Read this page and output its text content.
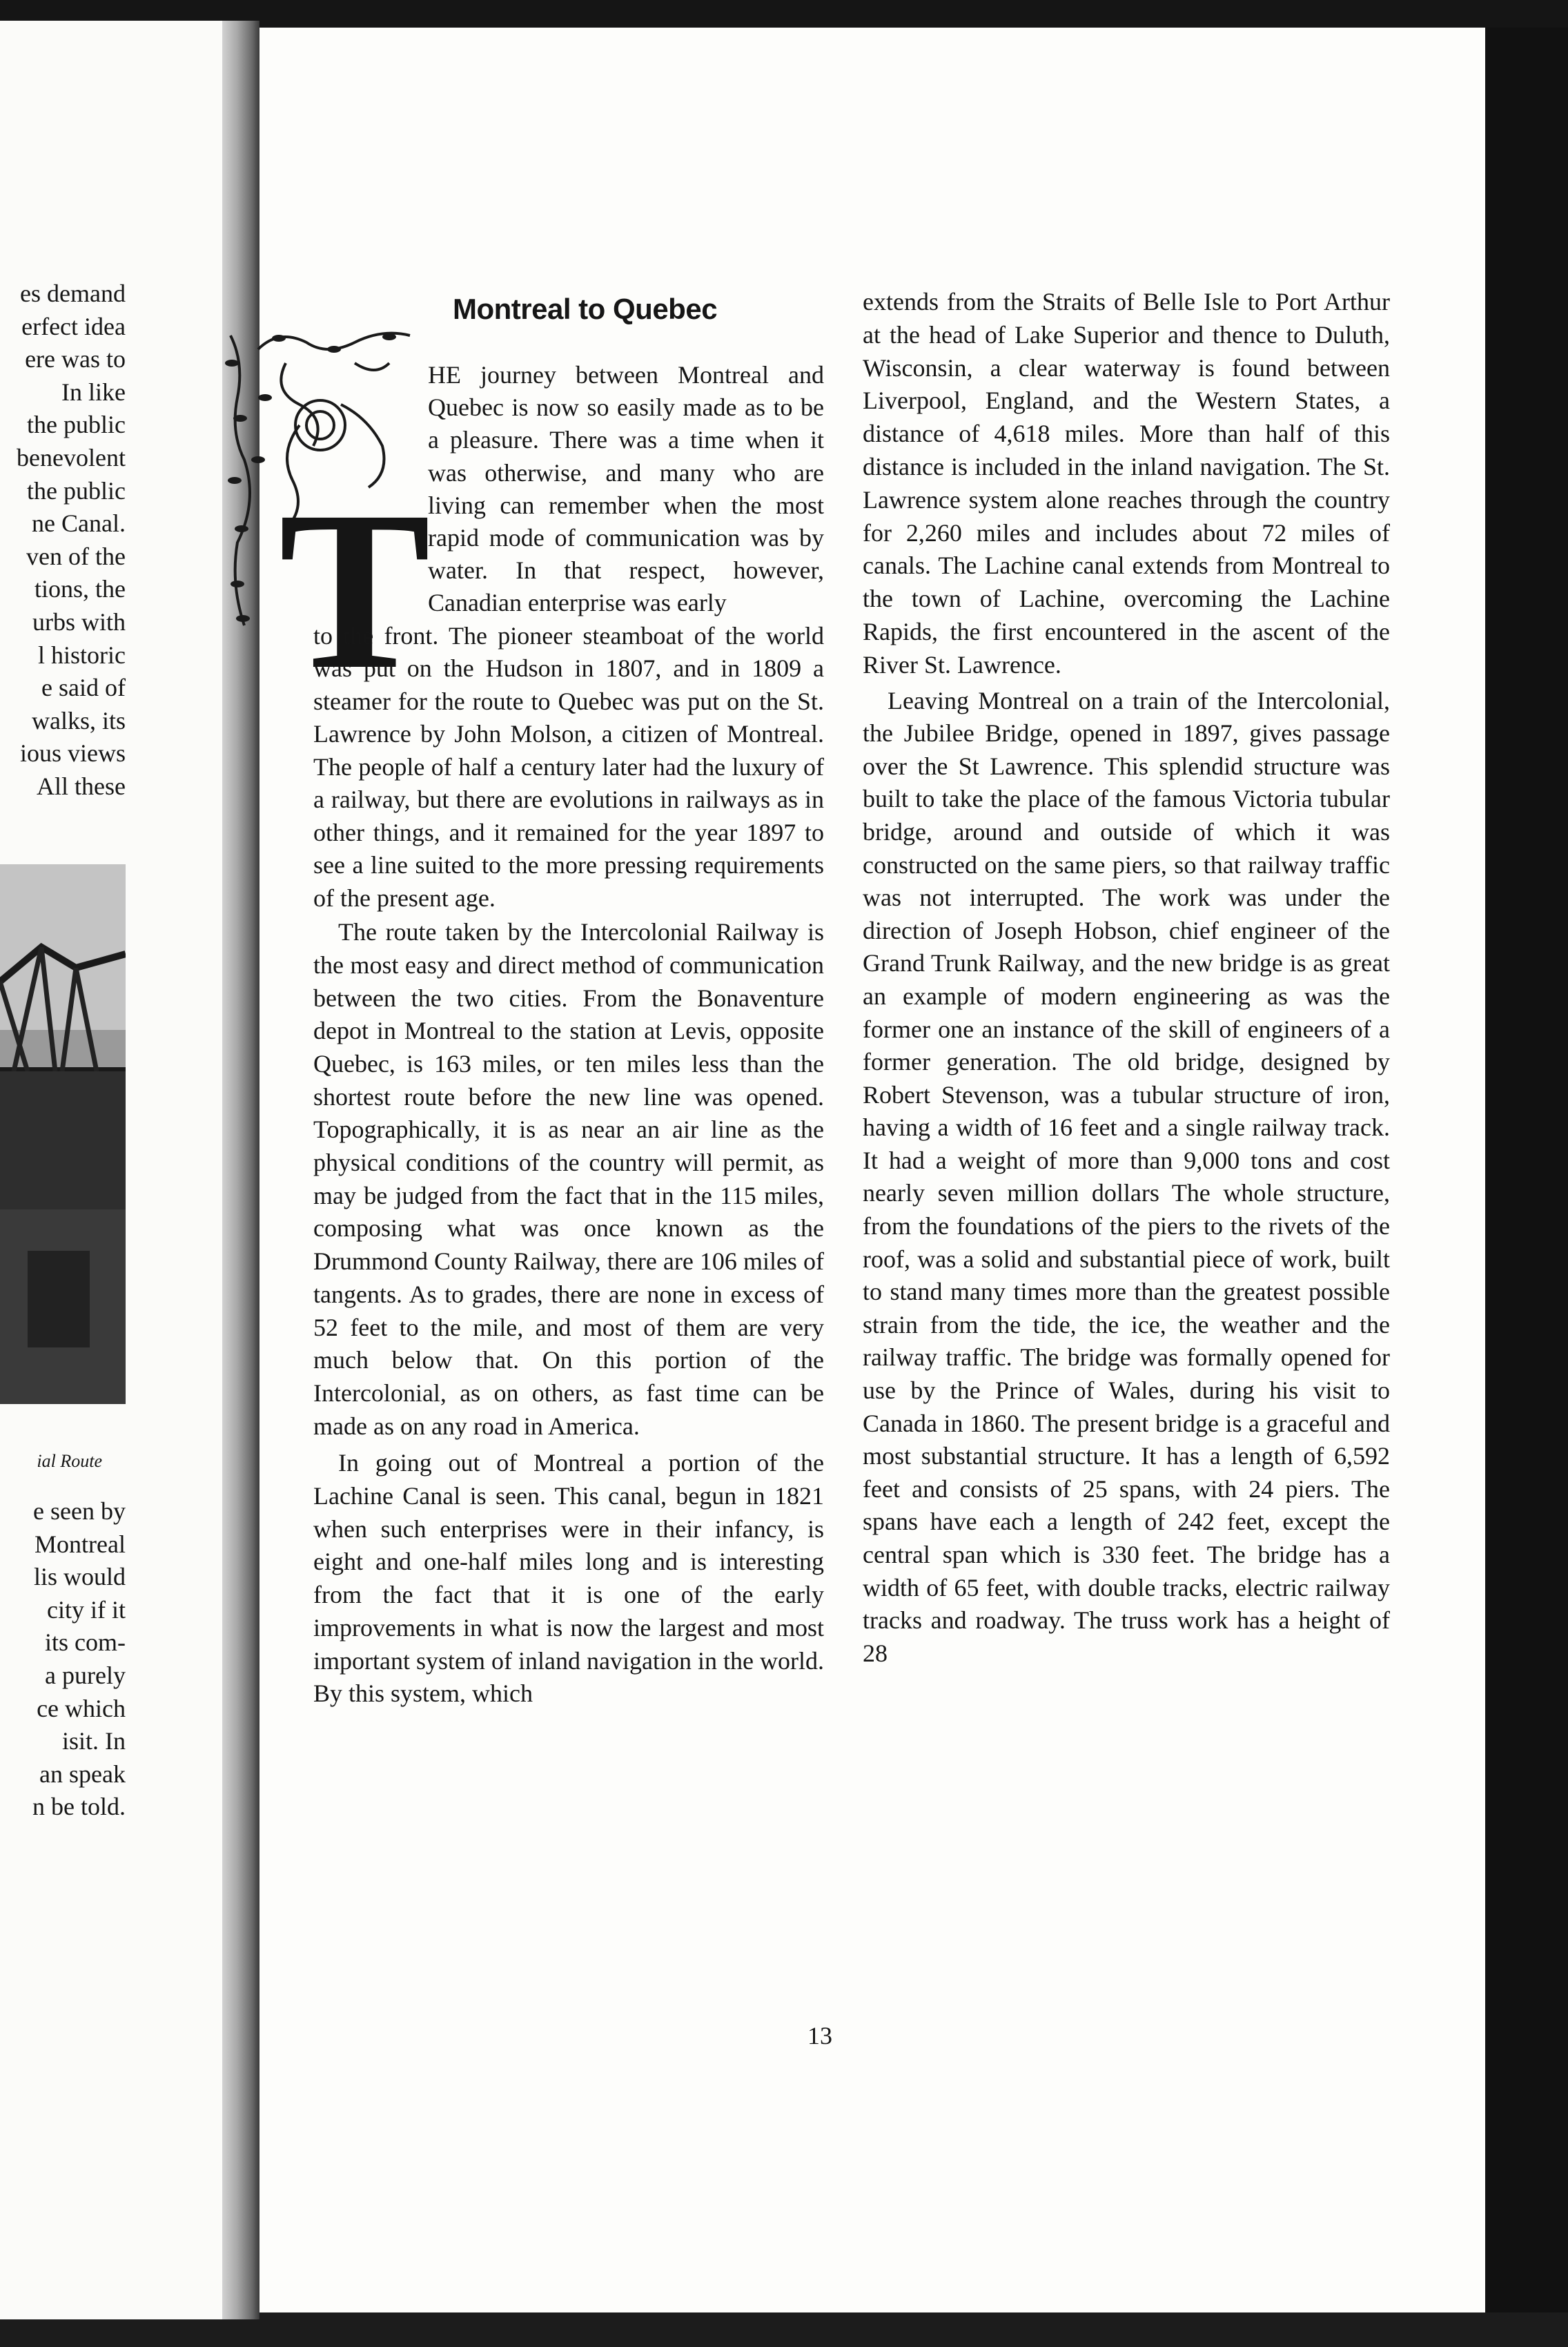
es demand
erfect idea
ere was to
In like
the public
benevolent
the public
ne Canal.
ven of the
tions, the
urbs with
l historic
e said of
walks, its
ious views
All these

ial Route

e seen by
Montreal
lis would
city if it
its com-
a purely
ce which
isit. In
an speak
n be told.

Montreal to Quebec
T

HE journey between Montreal and Quebec is now so easily made as to be a pleasure. There was a time when it was otherwise, and many who are living can remember when the most rapid mode of communication was by water. In that respect, however, Canadian enterprise was early

to the front. The pioneer steamboat of the world was put on the Hudson in 1807, and in 1809 a steamer for the route to Quebec was put on the St. Lawrence by John Molson, a citizen of Montreal. The people of half a century later had the luxury of a railway, but there are evolutions in railways as in other things, and it remained for the year 1897 to see a line suited to the more pressing requirements of the present age.

The route taken by the Intercolonial Railway is the most easy and direct method of communication between the two cities. From the Bonaventure depot in Montreal to the station at Levis, opposite Quebec, is 163 miles, or ten miles less than the shortest route before the new line was opened. Topographically, it is as near an air line as the physical conditions of the country will permit, as may be judged from the fact that in the 115 miles, composing what was once known as the Drummond County Railway, there are 106 miles of tangents. As to grades, there are none in excess of 52 feet to the mile, and most of them are very much below that. On this portion of the Intercolonial, as on others, as fast time can be made as on any road in America.

In going out of Montreal a portion of the Lachine Canal is seen. This canal, begun in 1821 when such enterprises were in their infancy, is eight and one-half miles long and is interesting from the fact that it is one of the early improvements in what is now the largest and most important system of inland navigation in the world. By this system, which

extends from the Straits of Belle Isle to Port Arthur at the head of Lake Superior and thence to Duluth, Wisconsin, a clear waterway is found between Liverpool, England, and the Western States, a distance of 4,618 miles. More than half of this distance is included in the inland navigation. The St. Lawrence system alone reaches through the country for 2,260 miles and includes about 72 miles of canals. The Lachine canal extends from Montreal to the town of Lachine, overcoming the Lachine Rapids, the first encountered in the ascent of the River St. Lawrence.

Leaving Montreal on a train of the Intercolonial, the Jubilee Bridge, opened in 1897, gives passage over the St Lawrence. This splendid structure was built to take the place of the famous Victoria tubular bridge, around and outside of which it was constructed on the same piers, so that railway traffic was not interrupted. The work was under the direction of Joseph Hobson, chief engineer of the Grand Trunk Railway, and the new bridge is as great an example of modern engineering as was the former one an instance of the skill of engineers of a former generation. The old bridge, designed by Robert Stevenson, was a tubular structure of iron, having a width of 16 feet and a single railway track. It had a weight of more than 9,000 tons and cost nearly seven million dollars The whole structure, from the foundations of the piers to the rivets of the roof, was a solid and substantial piece of work, built to stand many times more than the greatest possible strain from the tide, the ice, the weather and the railway traffic. The bridge was formally opened for use by the Prince of Wales, during his visit to Canada in 1860. The present bridge is a graceful and most substantial structure. It has a length of 6,592 feet and consists of 25 spans, with 24 piers. The spans have each a length of 242 feet, except the central span which is 330 feet. The bridge has a width of 65 feet, with double tracks, electric railway tracks and roadway. The truss work has a height of 28

13
